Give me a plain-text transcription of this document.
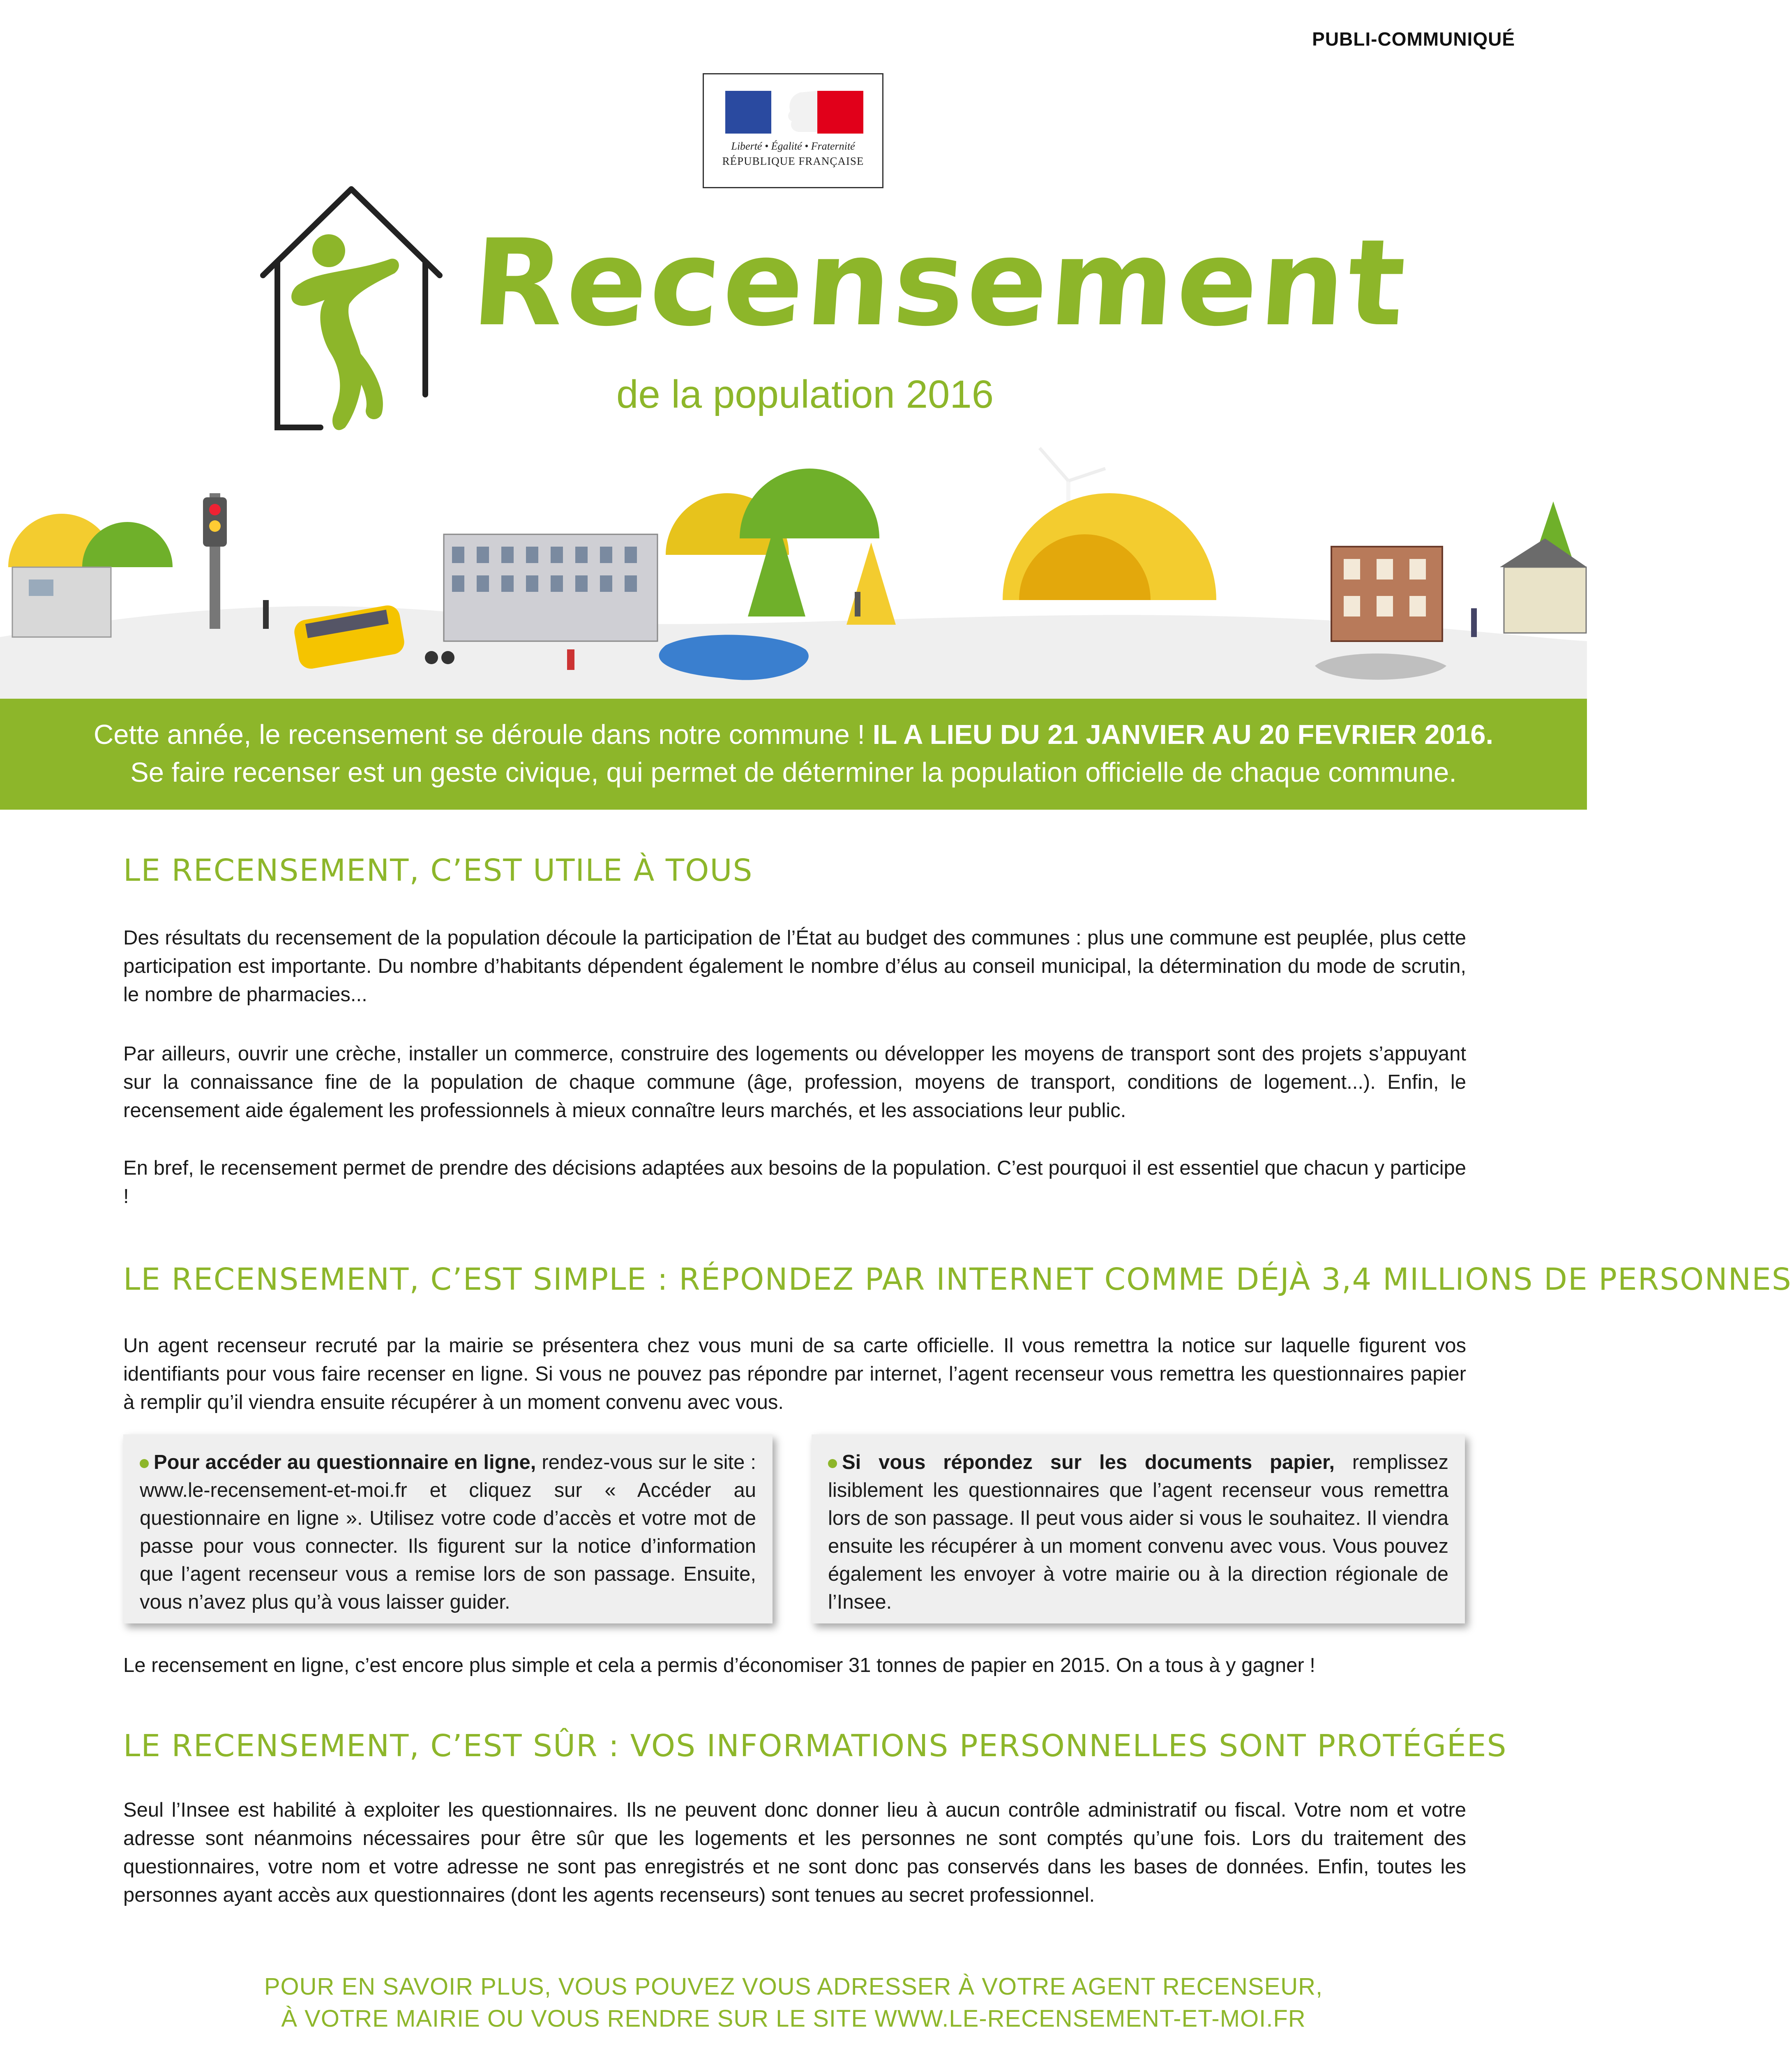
PUBLI-COMMUNIQUÉ
Liberté • Égalité • Fraternité
RÉPUBLIQUE FRANÇAISE
Recensement
de la population 2016

Cette année, le recensement se déroule dans notre commune ! IL A LIEU DU 21 JANVIER AU 20 FEVRIER 2016.

Se faire recenser est un geste civique, qui permet de déterminer la population officielle de chaque commune.

LE RECENSEMENT, C’EST UTILE À TOUS

Des résultats du recensement de la population découle la participation de l’État au budget des communes : plus une commune est peuplée, plus cette participation est importante. Du nombre d’habitants dépendent également le nombre d’élus au conseil municipal, la détermination du mode de scrutin, le nombre de pharmacies...

Par ailleurs, ouvrir une crèche, installer un commerce, construire des logements ou développer les moyens de transport sont des projets s’appuyant sur la connaissance fine de la population de chaque commune (âge, profession, moyens de transport, conditions de logement...). Enfin, le recensement aide également les professionnels à mieux connaître leurs marchés, et les associations leur public.

En bref, le recensement permet de prendre des décisions adaptées aux besoins de la population. C’est pourquoi il est essentiel que chacun y participe !

LE RECENSEMENT, C’EST SIMPLE : RÉPONDEZ PAR INTERNET COMME DÉJÀ 3,4 MILLIONS DE PERSONNES

Un agent recenseur recruté par la mairie se présentera chez vous muni de sa carte officielle. Il vous remettra la notice sur laquelle figurent vos identifiants pour vous faire recenser en ligne. Si vous ne pouvez pas répondre par internet, l’agent recenseur vous remettra les questionnaires papier à remplir qu’il viendra ensuite récupérer à un moment convenu avec vous.

Pour accéder au questionnaire en ligne, rendez-vous sur le site : www.le-recensement-et-moi.fr et cliquez sur « Accéder au questionnaire en ligne ». Utilisez votre code d’accès et votre mot de passe pour vous connecter. Ils figurent sur la notice d’information que l’agent recenseur vous a remise lors de son passage. Ensuite, vous n’avez plus qu’à vous laisser guider.
Si vous répondez sur les documents papier, remplissez lisiblement les questionnaires que l’agent recenseur vous remettra lors de son passage. Il peut vous aider si vous le souhaitez. Il viendra ensuite les récupérer à un moment convenu avec vous. Vous pouvez également les envoyer à votre mairie ou à la direction régionale de l’Insee.

Le recensement en ligne, c’est encore plus simple et cela a permis d’économiser 31 tonnes de papier en 2015. On a tous à y gagner !

LE RECENSEMENT, C’EST SÛR : VOS INFORMATIONS PERSONNELLES SONT PROTÉGÉES

Seul l’Insee est habilité à exploiter les questionnaires. Ils ne peuvent donc donner lieu à aucun contrôle administratif ou fiscal. Votre nom et votre adresse sont néanmoins nécessaires pour être sûr que les logements et les personnes ne sont comptés qu’une fois. Lors du traitement des questionnaires, votre nom et votre adresse ne sont pas enregistrés et ne sont donc pas conservés dans les bases de données. Enfin, toutes les personnes ayant accès aux questionnaires (dont les agents recenseurs) sont tenues au secret professionnel.

POUR EN SAVOIR PLUS, VOUS POUVEZ VOUS ADRESSER À VOTRE AGENT RECENSEUR,
À VOTRE MAIRIE OU VOUS RENDRE SUR LE SITE WWW.LE-RECENSEMENT-ET-MOI.FR
